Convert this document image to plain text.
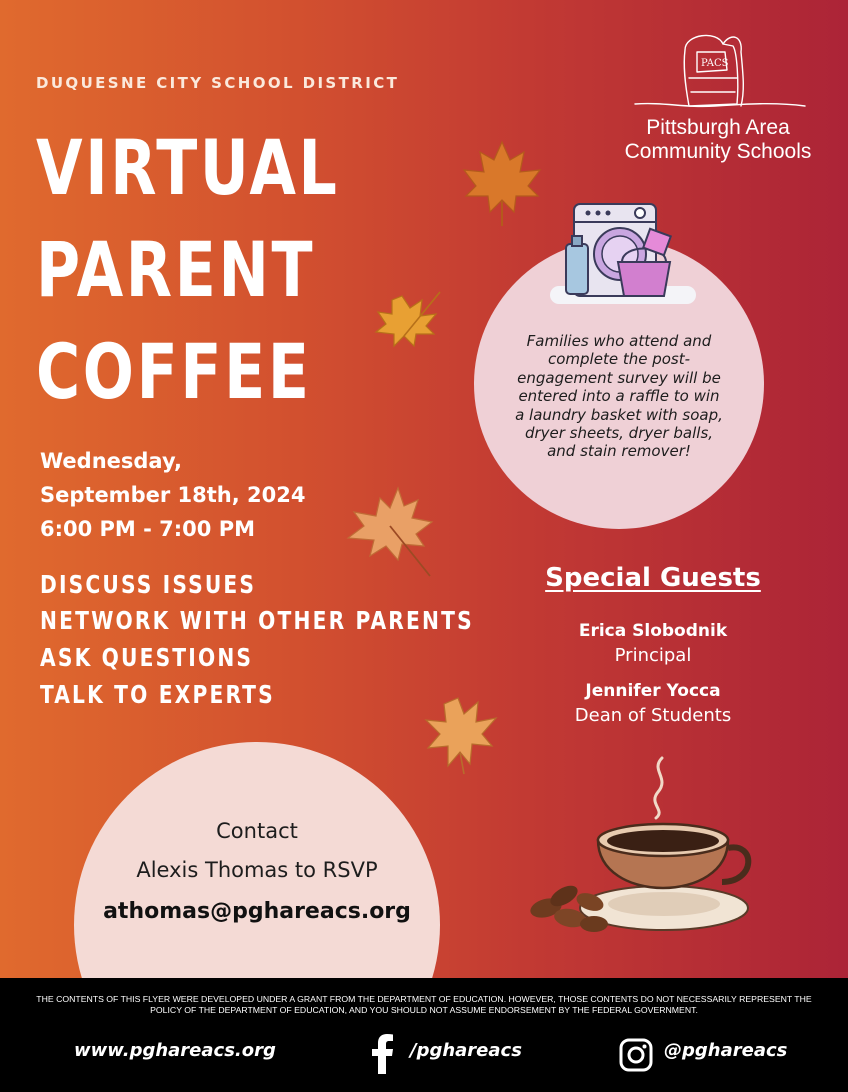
DUQUESNE CITY SCHOOL DISTRICT
VIRTUAL
PARENT
COFFEE
PACS
Pittsburgh Area
Community Schools
Wednesday,
September 18th, 2024
6:00 PM - 7:00 PM
DISCUSS ISSUES
NETWORK WITH OTHER PARENTS
ASK QUESTIONS
TALK TO EXPERTS
Families who attend and
complete the post-
engagement survey will be
entered into a raffle to win
a laundry basket with soap,
dryer sheets, dryer balls,
and stain remover!
Special Guests
Erica Slobodnik
Principal
Jennifer Yocca
Dean of Students
Contact
Alexis Thomas to RSVP
athomas@pghareacs.org
THE CONTENTS OF THIS FLYER WERE DEVELOPED UNDER A GRANT FROM THE DEPARTMENT OF EDUCATION. HOWEVER, THOSE CONTENTS DO NOT NECESSARILY REPRESENT THE POLICY OF THE DEPARTMENT OF EDUCATION, AND YOU SHOULD NOT ASSUME ENDORSEMENT BY THE FEDERAL GOVERNMENT.
www.pghareacs.org	/pghareacs	@pghareacs
